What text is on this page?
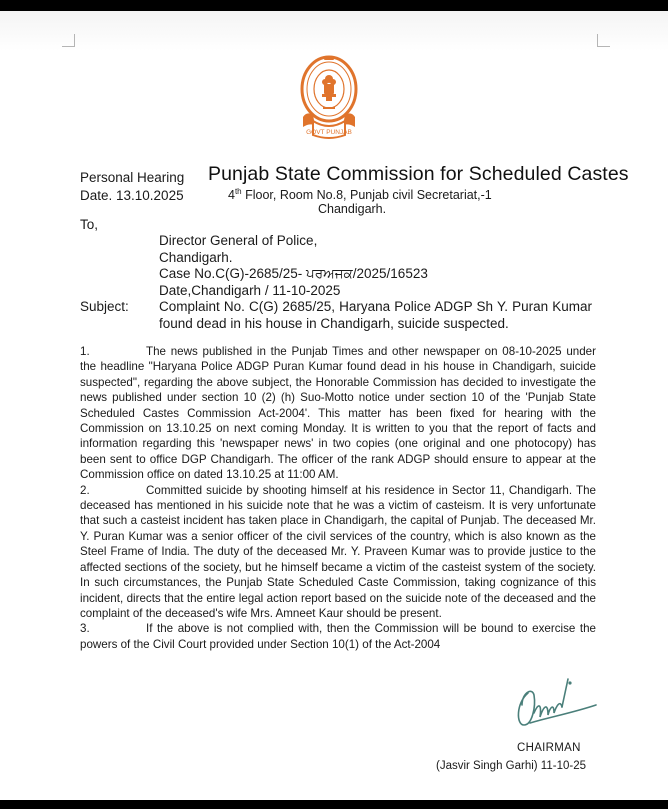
GOVT PUNJAB
Personal Hearing
Date. 13.10.2025
Punjab State Commission for Scheduled Castes
4th Floor, Room No.8, Punjab civil Secretariat,-1
Chandigarh.
To,
Director General of Police,
Chandigarh.
Case No.C(G)-2685/25- ਪਰਅਜਕ/2025/16523
Date,Chandigarh / 11-10-2025
Subject: Complaint No. C(G) 2685/25, Haryana Police ADGP Sh Y. Puran Kumar found dead in his house in Chandigarh, suicide suspected.

1.	The news published in the Punjab Times and other newspaper on 08-10-2025 under the headline "Haryana Police ADGP Puran Kumar found dead in his house in Chandigarh, suicide suspected", regarding the above subject, the Honorable Commission has decided to investigate the news published under section 10 (2) (h) Suo-Motto notice under section 10 of the 'Punjab State Scheduled Castes Commission Act-2004'. This matter has been fixed for hearing with the Commission on 13.10.25 on next coming Monday. It is written to you that the report of facts and information regarding this 'newspaper news' in two copies (one original and one photocopy) has been sent to office DGP Chandigarh. The officer of the rank ADGP should ensure to appear at the Commission office on dated 13.10.25 at 11:00 AM.

2.	Committed suicide by shooting himself at his residence in Sector 11, Chandigarh. The deceased has mentioned in his suicide note that he was a victim of casteism. It is very unfortunate that such a casteist incident has taken place in Chandigarh, the capital of Punjab. The deceased Mr. Y. Puran Kumar was a senior officer of the civil services of the country, which is also known as the Steel Frame of India. The duty of the deceased Mr. Y. Praveen Kumar was to provide justice to the affected sections of the society, but he himself became a victim of the casteist system of the society. In such circumstances, the Punjab State Scheduled Caste Commission, taking cognizance of this incident, directs that the entire legal action report based on the suicide note of the deceased and the complaint of the deceased's wife Mrs. Amneet Kaur should be present.

3.	If the above is not complied with, then the Commission will be bound to exercise the powers of the Civil Court provided under Section 10(1) of the Act-2004

CHAIRMAN
(Jasvir Singh Garhi) 11-10-25
